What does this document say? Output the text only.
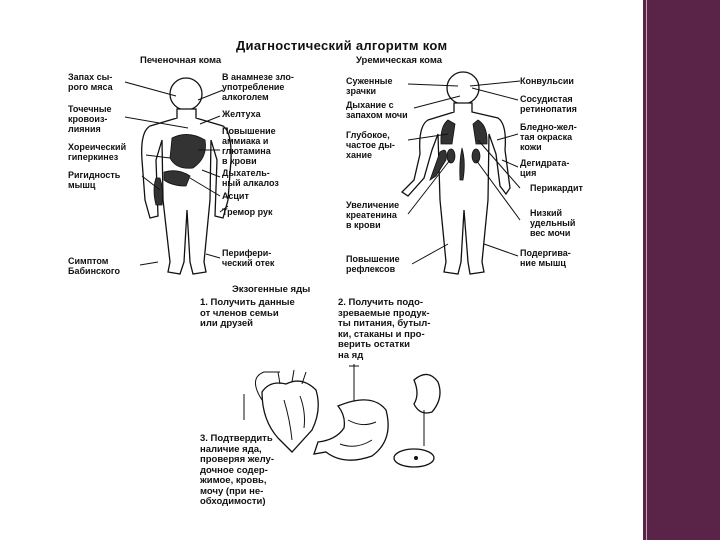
Диагностический алгоритм ком
Печеночная кома	Уремическая кома
Экзогенные яды
Запах сы-
рого мяса
Точечные
кровоиз-
лияния
Хореический
гиперкинез
Ригидность
мышц
Симптом
Бабинского
В анамнезе зло-
употребление
алкоголем
Желтуха
Повышение
аммиака и
глютамина
в крови
Дыхатель-
ный алкалоз
Асцит
Тремор рук
Перифери-
ческий отек
Суженные
зрачки
Дыхание с
запахом мочи
Глубокое,
частое ды-
хание
Увеличение
креатенина
в крови
Повышение
рефлексов
Конвульсии
Сосудистая
ретинопатия
Бледно-жел-
тая окраска
кожи
Дегидрата-
ция
Перикардит
Низкий
удельный
вес мочи
Подергива-
ние мышц
1. Получить данные
от членов семьи
или друзей
2. Получить подо-
зреваемые продук-
ты питания, бутыл-
ки, стаканы и про-
верить остатки
на яд
3. Подтвердить
наличие яда,
проверяя желу-
дочное содер-
жимое, кровь,
мочу (при не-
обходимости)
